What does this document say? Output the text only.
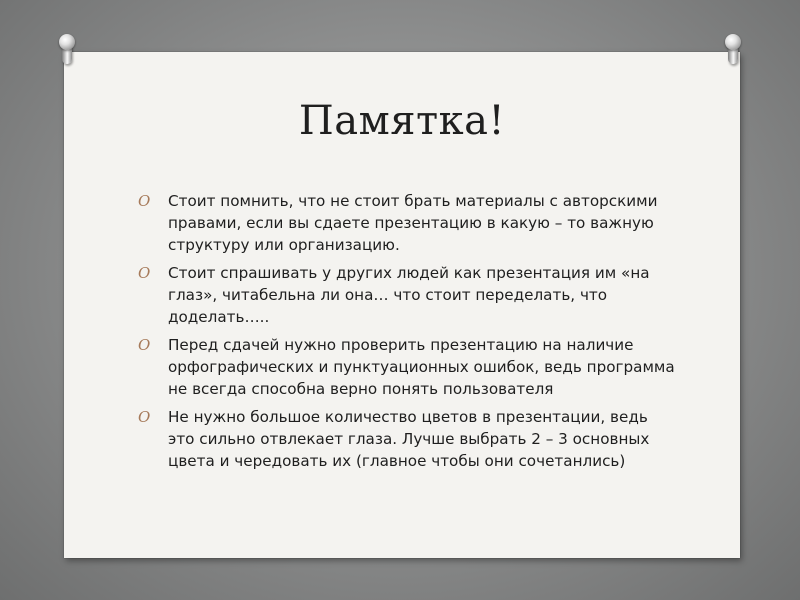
Памятка!
O Стоит помнить, что не стоит брать материалы с авторскими правами, если вы сдаете презентацию в какую – то важную структуру или организацию.
O Стоит спрашивать у других людей как презентация им «на глаз», читабельна ли она… что стоит переделать, что доделать…..
O Перед сдачей нужно проверить презентацию на наличие орфографических и пунктуационных ошибок, ведь программа не всегда способна верно понять пользователя
O Не нужно большое количество цветов в презентации, ведь это сильно отвлекает глаза. Лучше выбрать 2 – 3 основных цвета и чередовать их (главное чтобы они сочетанлись)
